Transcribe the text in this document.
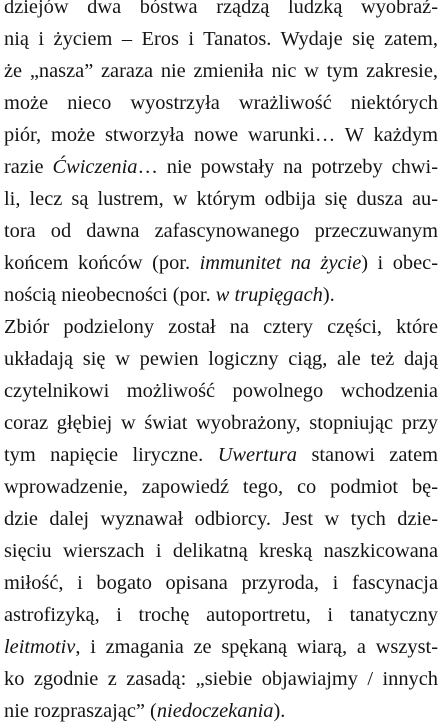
dziejów dwa bóstwa rządzą ludzką wyobraź-
nią i życiem – Eros i Tanatos. Wydaje się zatem,
że „nasza” zaraza nie zmieniła nic w tym zakresie,
może nieco wyostrzyła wrażliwość niektórych
piór, może stworzyła nowe warunki… W każdym
razie Ćwiczenia… nie powstały na potrzeby chwi-
li, lecz są lustrem, w którym odbija się dusza au-
tora od dawna zafascynowanego przeczuwanym
końcem końców (por. immunitet na życie) i obec-
nością nieobecności (por. w trupięgach).

Zbiór podzielony został na cztery części, które
układają się w pewien logiczny ciąg, ale też dają
czytelnikowi możliwość powolnego wchodzenia
coraz głębiej w świat wyobrażony, stopniując przy
tym napięcie liryczne. Uwertura stanowi zatem
wprowadzenie, zapowiedź tego, co podmiot bę-
dzie dalej wyznawał odbiorcy. Jest w tych dzie-
sięciu wierszach i delikatną kreską naszkicowana
miłość, i bogato opisana przyroda, i fascynacja
astrofizyką, i trochę autoportretu, i tanatyczny
leitmotiv, i zmagania ze spękaną wiarą, a wszyst-
ko zgodnie z zasadą: „siebie objawiajmy / innych
nie rozpraszając” (niedoczekania).
